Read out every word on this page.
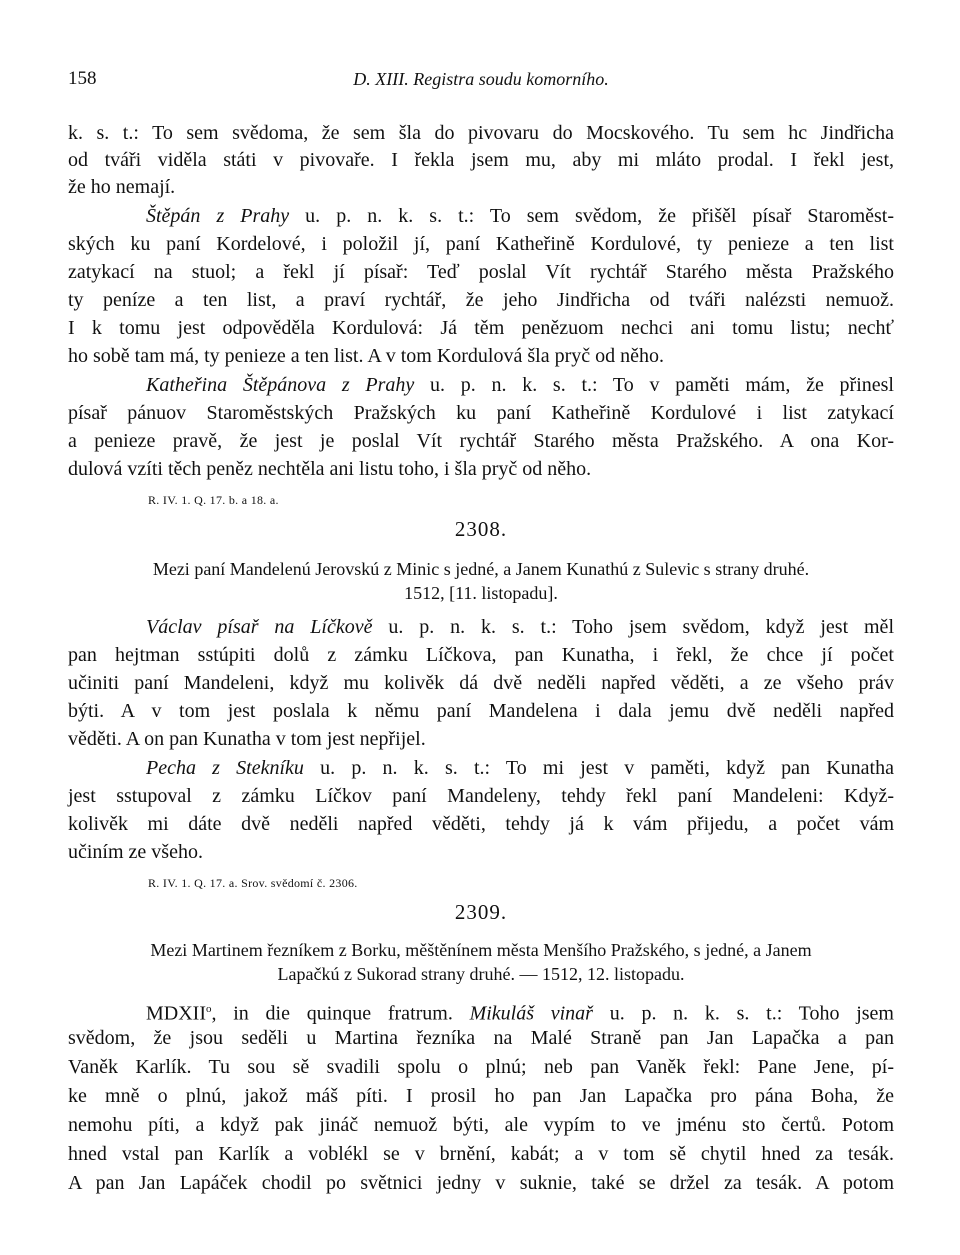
158	D. XIII. Registra soudu komorního.
k. s. t.: To sem svědoma, že sem šla do pivovaru do Mocskového. Tu sem hc Jindřicha
od tváři viděla státi v pivovaře. I řekla jsem mu, aby mi mláto prodal. I řekl jest,
že ho nemají.
Štěpán z Prahy u. p. n. k. s. t.: To sem svědom, že přišěl písař Staroměst-
ských ku paní Kordelové, i položil jí, paní Katheřině Kordulové, ty penieze a ten list
zatykací na stuol; a řekl jí písař: Teď poslal Vít rychtář Starého města Pražského
ty peníze a ten list, a praví rychtář, že jeho Jindřicha od tváři nalézsti nemuož.
I k tomu jest odpověděla Kordulová: Já těm penězuom nechci ani tomu listu; nechť
ho sobě tam má, ty penieze a ten list. A v tom Kordulová šla pryč od něho.
Katheřina Štěpánova z Prahy u. p. n. k. s. t.: To v paměti mám, že přinesl
písař pánuov Staroměstských Pražských ku paní Katheřině Kordulové i list zatykací
a penieze pravě, že jest je poslal Vít rychtář Starého města Pražského. A ona Kor-
dulová vzíti těch peněz nechtěla ani listu toho, i šla pryč od něho.
R. IV. 1. Q. 17. b. a 18. a.
2308.
Mezi paní Mandelenú Jerovskú z Minic s jedné, a Janem Kunathú z Sulevic s strany druhé.
1512, [11. listopadu].
Václav písař na Líčkově u. p. n. k. s. t.: Toho jsem svědom, když jest měl
pan hejtman sstúpiti dolů z zámku Líčkova, pan Kunatha, i řekl, že chce jí počet
učiniti paní Mandeleni, když mu kolivěk dá dvě neděli napřed věděti, a ze všeho práv
býti. A v tom jest poslala k němu paní Mandelena i dala jemu dvě neděli napřed
věděti. A on pan Kunatha v tom jest nepřijel.
Pecha z Stekníku u. p. n. k. s. t.: To mi jest v paměti, když pan Kunatha
jest sstupoval z zámku Líčkov paní Mandeleny, tehdy řekl paní Mandeleni: Když-
kolivěk mi dáte dvě neděli napřed věděti, tehdy já k vám přijedu, a počet vám
učiním ze všeho.
R. IV. 1. Q. 17. a. Srov. svědomí č. 2306.
2309.
Mezi Martinem řezníkem z Borku, měštěnínem města Menšího Pražského, s jedné, a Janem
Lapačkú z Sukorad strany druhé. — 1512, 12. listopadu.
MDXII$^o$, in die quinque fratrum. Mikuláš vinař u. p. n. k. s. t.: Toho jsem
svědom, že jsou seděli u Martina řezníka na Malé Straně pan Jan Lapačka a pan
Vaněk Karlík. Tu sou sě svadili spolu o plnú; neb pan Vaněk řekl: Pane Jene, pí-
ke mně o plnú, jakož máš píti. I prosil ho pan Jan Lapačka pro pána Boha, že
nemohu píti, a když pak jináč nemuož býti, ale vypím to ve jménu sto čertů. Potom
hned vstal pan Karlík a voblékl se v brnění, kabát; a v tom sě chytil hned za tesák.
A pan Jan Lapáček chodil po světnici jedny v suknie, také se držel za tesák. A potom
